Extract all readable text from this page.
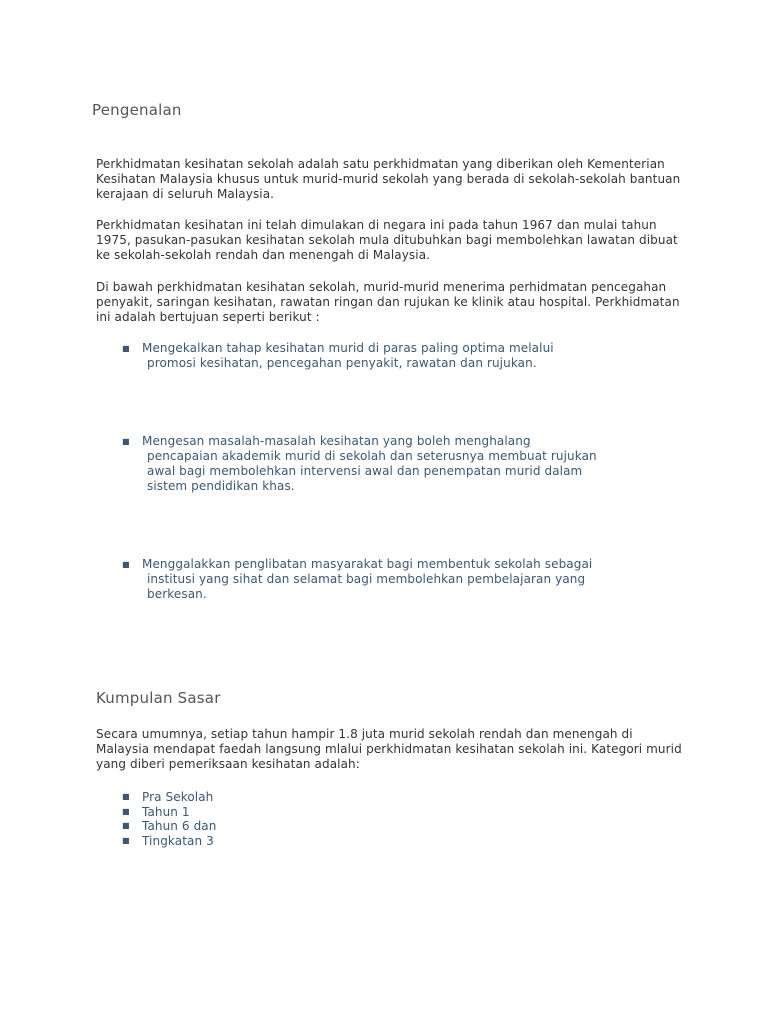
Pengenalan

Perkhidmatan kesihatan sekolah adalah satu perkhidmatan yang diberikan oleh Kementerian Kesihatan Malaysia khusus untuk murid-murid sekolah yang berada di sekolah-sekolah bantuan kerajaan di seluruh Malaysia.

Perkhidmatan kesihatan ini telah dimulakan di negara ini pada tahun 1967 dan mulai tahun 1975, pasukan-pasukan kesihatan sekolah mula ditubuhkan bagi membolehkan lawatan dibuat ke sekolah-sekolah rendah dan menengah di Malaysia.

Di bawah perkhidmatan kesihatan sekolah, murid-murid menerima perhidmatan pencegahan penyakit, saringan kesihatan, rawatan ringan dan rujukan ke klinik atau hospital. Perkhidmatan ini adalah bertujuan seperti berikut :

■	Mengekalkan tahap kesihatan murid di paras paling optima melalui
promosi kesihatan, pencegahan penyakit, rawatan dan rujukan.
■	Mengesan masalah-masalah kesihatan yang boleh menghalang
pencapaian akademik murid di sekolah dan seterusnya membuat rujukan
awal bagi membolehkan intervensi awal dan penempatan murid dalam
sistem pendidikan khas.
■	Menggalakkan penglibatan masyarakat bagi membentuk sekolah sebagai
institusi yang sihat dan selamat bagi membolehkan pembelajaran yang
berkesan.
Kumpulan Sasar

Secara umumnya, setiap tahun hampir 1.8 juta murid sekolah rendah dan menengah di Malaysia mendapat faedah langsung mlalui perkhidmatan kesihatan sekolah ini. Kategori murid yang diberi pemeriksaan kesihatan adalah:

■ Pra Sekolah
■ Tahun 1
■ Tahun 6 dan
■ Tingkatan 3
